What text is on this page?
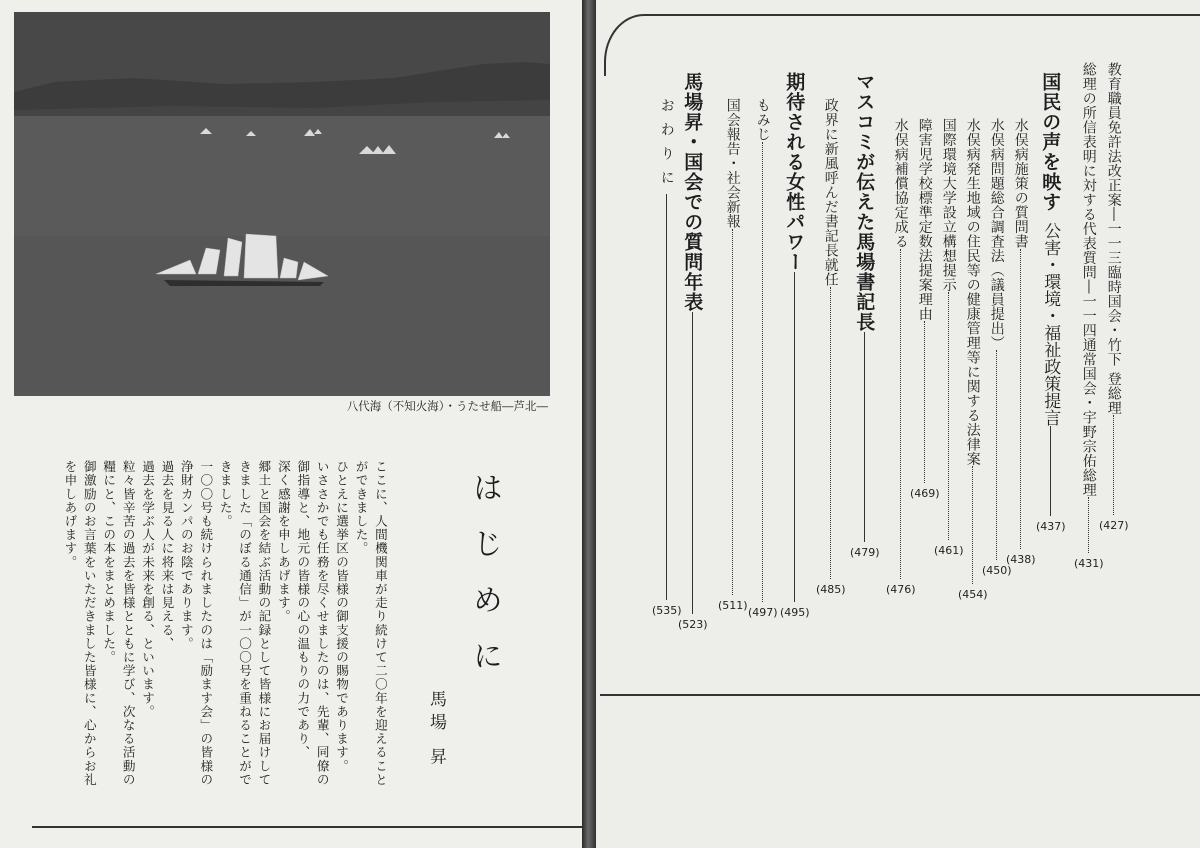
八代海（不知火海）・うたせ船―芦北―
はじめに
馬場 昇

ここに、人間機関車が走り続けて二〇年を迎えることができました。

ひとえに選挙区の皆様の御支援の賜物であります。

いささかでも任務を尽くせましたのは、先輩、同僚の御指導と、地元の皆様の心の温もりの力であり、

深く感謝を申しあげます。

郷土と国会を結ぶ活動の記録として皆様にお届けしてきました「のぼる通信」が一〇〇号を重ねることができました。

一〇〇号も続けられましたのは「励ます会」の皆様の浄財カンパのお陰であります。

過去を見る人に将来は見える、

過去を学ぶ人が未来を創る、といいます。

粒々皆辛苦の過去を皆様とともに学び、次なる活動の糧にと、この本をまとめました。

御激励のお言葉をいただきました皆様に、心からお礼を申しあげます。

教育職員免許法改正案―一一三臨時国会・竹下 登総理
(427)
総理の所信表明に対する代表質問―一一四通常国会・宇野宗佑総理
(431)
国民の声を映す
公害・環境・福祉政策提言
(437)
水俣病施策の質問書
(438)
水俣病問題総合調査法（議員提出）
(450)
水俣病発生地域の住民等の健康管理等に関する法律案
(454)
国際環境大学設立構想提示
(461)
障害児学校標準定数法提案理由
(469)
水俣病補償協定成る
(476)
マスコミが伝えた馬場書記長
(479)
政界に新風呼んだ書記長就任
(485)
期待される女性パワー
(495)
もみじ
(497)
国会報告・社会新報
(511)
馬場昇・国会での質問年表
(523)
おわりに
(535)
